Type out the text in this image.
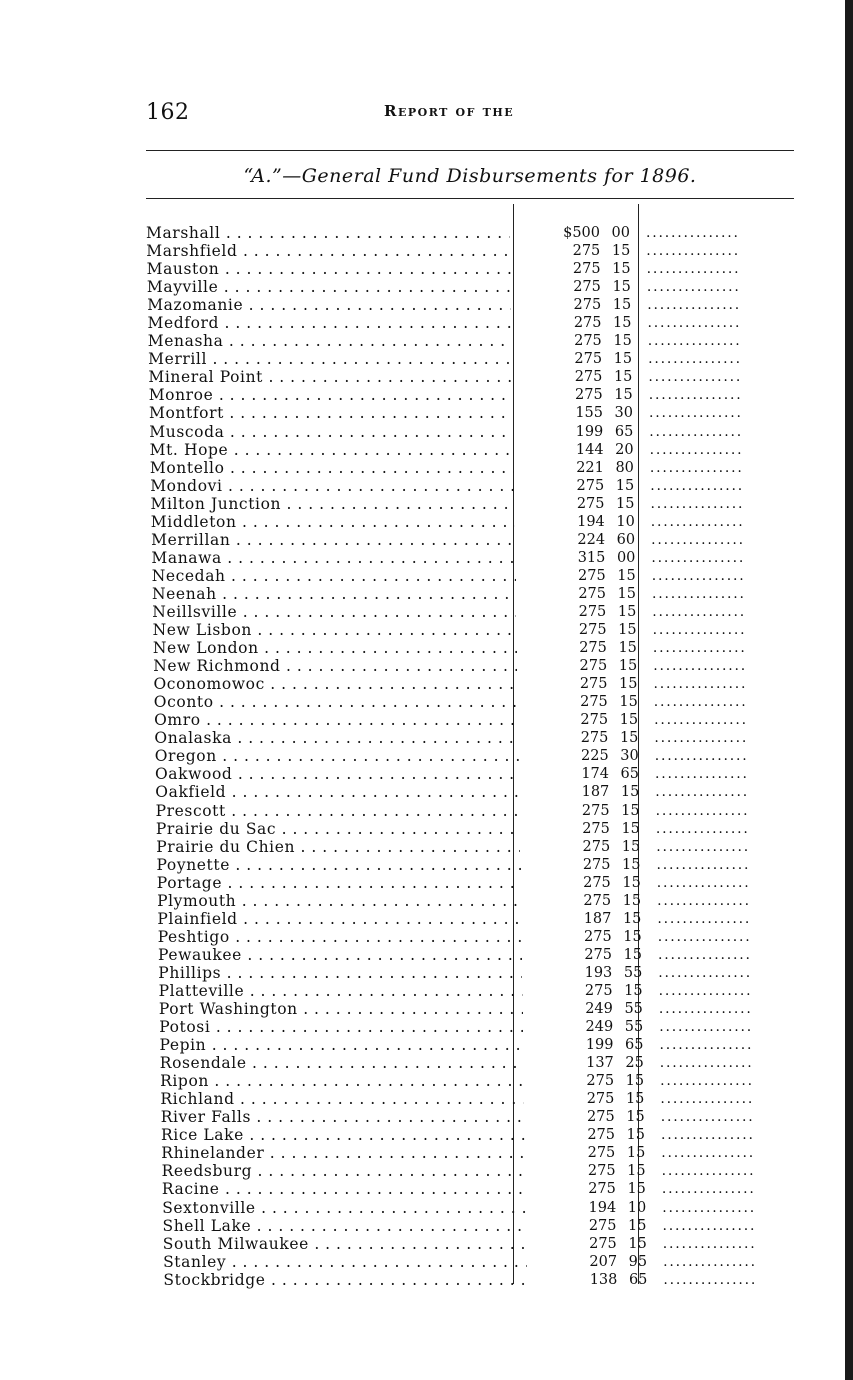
162	Report of the
“A.”—General Fund Disbursements for 1896.
Marshall . . .	$500 00	...............
Marshfield . . .	275 15	...............
Mauston . . .	275 15	...............
Mayville . . .	275 15	...............
Mazomanie . . .	275 15	...............
Medford . . .	275 15	...............
Menasha . . .	275 15	...............
Merrill . . .	275 15	...............
Mineral Point . . .	275 15	...............
Monroe . . .	275 15	...............
Montfort . . .	155 30	...............
Muscoda . . .	199 65	...............
Mt. Hope . . .	144 20	...............
Montello . . .	221 80	...............
Mondovi . . .	275 15	...............
Milton Junction . . .	275 15	...............
Middleton . . .	194 10	...............
Merrillan . . .	224 60	...............
Manawa . . .	315 00	...............
Necedah . . .	275 15	...............
Neenah . . .	275 15	...............
Neillsville . . .	275 15	...............
New Lisbon . . .	275 15	...............
New London . . .	275 15	...............
New Richmond . . .	275 15	...............
Oconomowoc . . .	275 15	...............
Oconto . . .	275 15	...............
Omro . . .	275 15	...............
Onalaska . . .	275 15	...............
Oregon . . .	225 30	...............
Oakwood . . .	174 65	...............
Oakfield . . .	187 15	...............
Prescott . . .	275 15	...............
Prairie du Sac . . .	275 15	...............
Prairie du Chien . . .	275 15	...............
Poynette . . .	275 15	...............
Portage . . .	275 15	...............
Plymouth . . .	275 15	...............
Plainfield . . .	187 15	...............
Peshtigo . . .	275 15	...............
Pewaukee . . .	275 15	...............
Phillips . . .	193 55	...............
Platteville . . .	275 15	...............
Port Washington . . .	249 55	...............
Potosi . . .	249 55	...............
Pepin . . .	199 65	...............
Rosendale . . .	137 25	...............
Ripon . . .	275 15	...............
Richland . . .	275 15	...............
River Falls . . .	275 15	...............
Rice Lake . . .	275 15	...............
Rhinelander . . .	275 15	...............
Reedsburg . . .	275 15	...............
Racine . . .	275 15	...............
Sextonville . . .	194 10	...............
Shell Lake . . .	275 15	...............
South Milwaukee . . .	275 15	...............
Stanley . . .	207 95	...............
Stockbridge . . .	138 65	...............
